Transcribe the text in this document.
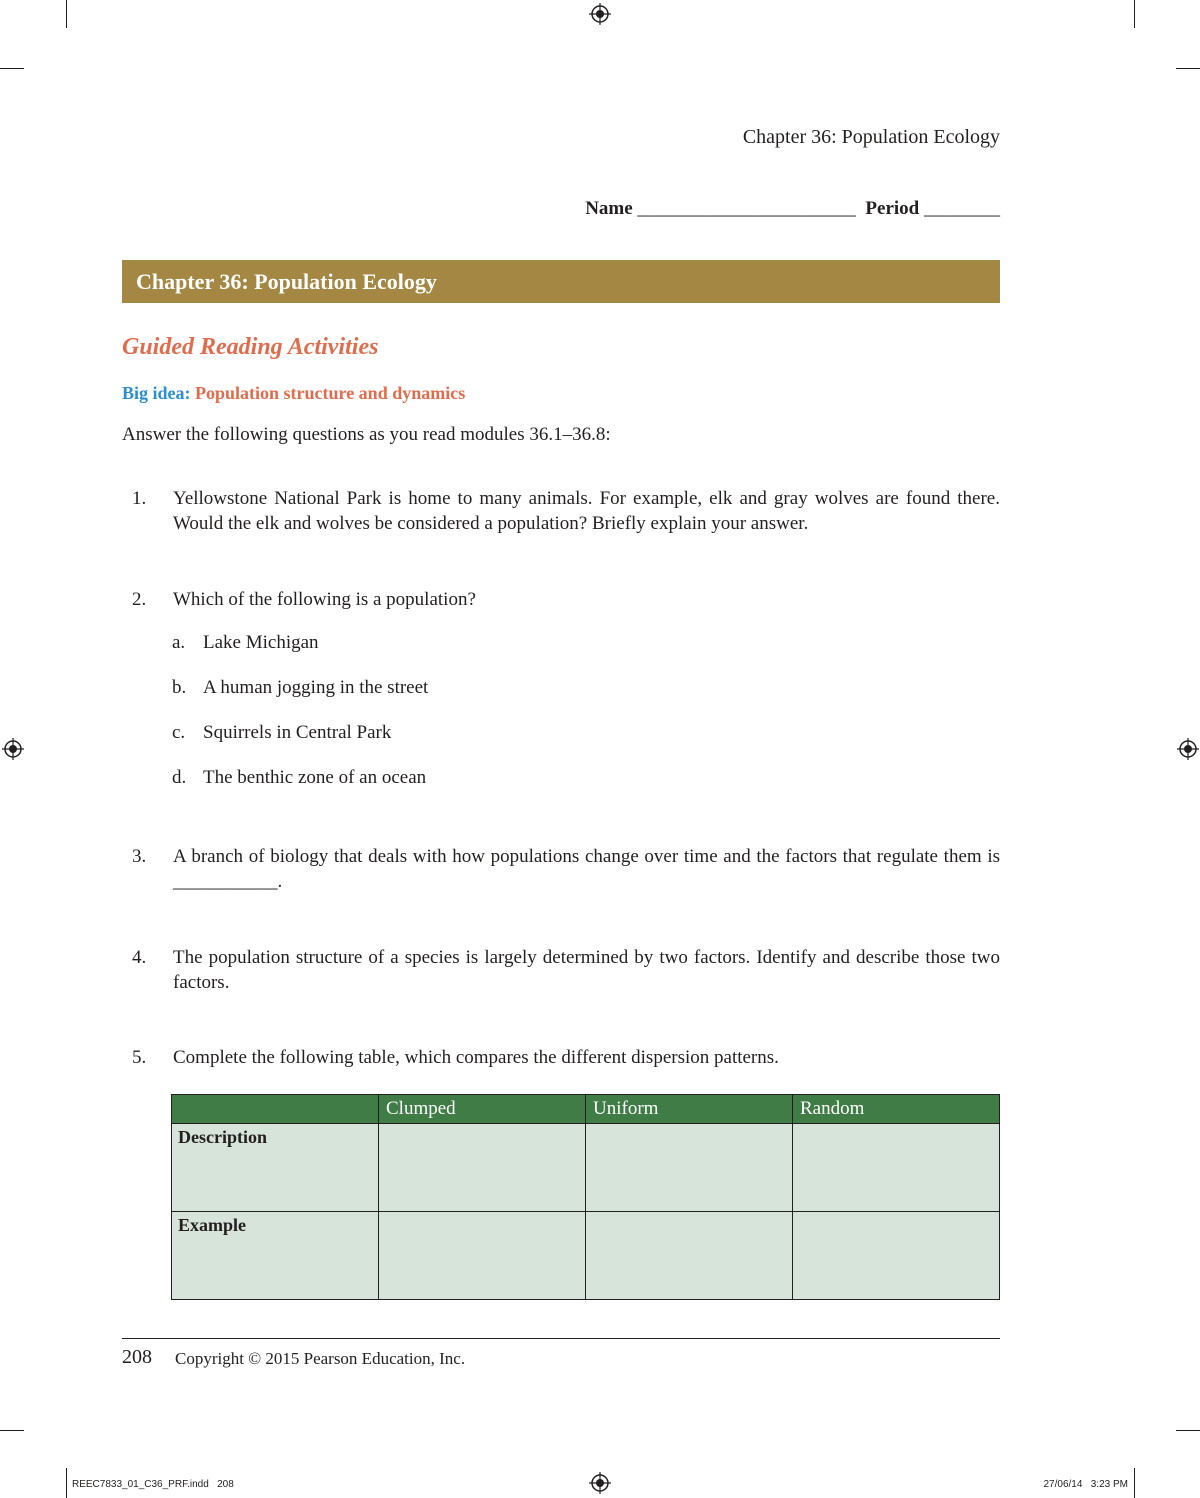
Chapter 36: Population Ecology
Name _______________________ Period ________
Chapter 36: Population Ecology
Guided Reading Activities
Big idea: Population structure and dynamics
Answer the following questions as you read modules 36.1–36.8:
1.	Yellowstone National Park is home to many animals. For example, elk and gray wolves are found there. Would the elk and wolves be considered a population? Briefly explain your answer.
2.	Which of the following is a population?
a. Lake Michigan
b. A human jogging in the street
c. Squirrels in Central Park
d. The benthic zone of an ocean
3.	A branch of biology that deals with how populations change over time and the factors that regulate them is ___________.
4.	The population structure of a species is largely determined by two factors. Identify and describe those two factors.
5.	Complete the following table, which compares the different dispersion patterns.
	Clumped	Uniform	Random
Description			
Example			
208 Copyright © 2015 Pearson Education, Inc.
REEC7833_01_C36_PRF.indd   208	27/06/14   3:23 PM
